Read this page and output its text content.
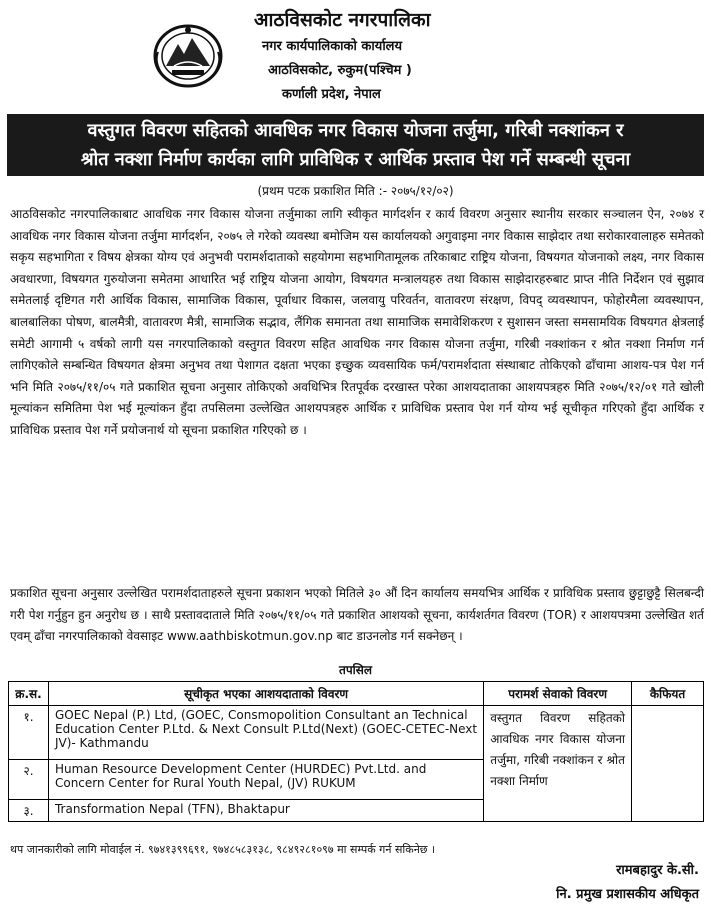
आठविसकोट नगरपालिका
नगर कार्यपालिकाको कार्यालय
आठविसकोट, रुकुम(पश्चिम )
कर्णाली प्रदेश, नेपाल
वस्तुगत विवरण सहितको आवधिक नगर विकास योजना तर्जुमा, गरिबी नक्शांकन र
श्रोत नक्शा निर्माण कार्यका लागि प्राविधिक र आर्थिक प्रस्ताव पेश गर्ने सम्बन्धी सूचना
(प्रथम पटक प्रकाशित मिति :- २०७५/१२/०२)
आठविसकोट नगरपालिकाबाट आवधिक नगर विकास योजना तर्जुमाका लागि स्वीकृत मार्गदर्शन र कार्य विवरण अनुसार स्थानीय सरकार सञ्चालन ऐन, २०७४ र आवधिक नगर विकास योजना तर्जुमा मार्गदर्शन, २०७५ ले गरेको व्यवस्था बमोजिम यस कार्यालयको अगुवाइमा नगर विकास साझेदार तथा सरोकारवालाहरु समेतको सकृय सहभागिता र विषय क्षेत्रका योग्य एवं अनुभवी परामर्शदाताको सहयोगमा सहभागितामूलक तरिकाबाट राष्ट्रिय योजना, विषयगत योजनाको लक्ष्य, नगर विकास अवधारणा, विषयगत गुरुयोजना समेतमा आधारित भई राष्ट्रिय योजना आयोग, विषयगत मन्त्रालयहरु तथा विकास साझेदारहरुबाट प्राप्त नीति निर्देशन एवं सुझाव समेतलाई दृष्टिगत गरी आर्थिक विकास, सामाजिक विकास, पूर्वाधार विकास, जलवायु परिवर्तन, वातावरण संरक्षण, विपद् व्यवस्थापन, फोहोरमैला व्यवस्थापन, बालबालिका पोषण, बालमैत्री, वातावरण मैत्री, सामाजिक सद्भाव, लैंगिक समानता तथा सामाजिक समावेशिकरण र सुशासन जस्ता समसामयिक विषयगत क्षेत्रलाई समेटी आगामी ५ वर्षको लागी यस नगरपालिकाको वस्तुगत विवरण सहित आवधिक नगर विकास योजना तर्जुमा, गरिबी नक्शांकन र श्रोत नक्शा निर्माण गर्न लागिएकोले सम्बन्धित विषयगत क्षेत्रमा अनुभव तथा पेशागत दक्षता भएका इच्छुक व्यवसायिक फर्म/परामर्शदाता संस्थाबाट तोकिएको ढाँचामा आशय-पत्र पेश गर्न भनि मिति २०७५/११/०५ गते प्रकाशित सूचना अनुसार तोकिएको अवधिभित्र रितपूर्वक दरखास्त परेका आशयदाताका आशयपत्रहरु मिति २०७५/१२/०१ गते खोली मूल्यांकन समितिमा पेश भई मूल्यांकन हुँदा तपसिलमा उल्लेखित आशयपत्रहरु आर्थिक र प्राविधिक प्रस्ताव पेश गर्न योग्य भई सूचीकृत गरिएको हुँदा आर्थिक र प्राविधिक प्रस्ताव पेश गर्ने प्रयोजनार्थ यो सूचना प्रकाशित गरिएको छ ।
प्रकाशित सूचना अनुसार उल्लेखित परामर्शदाताहरुले सूचना प्रकाशन भएको मितिले ३० औं दिन कार्यालय समयभित्र आर्थिक र प्राविधिक प्रस्ताव छुट्टाछुट्टै सिलबन्दी गरी पेश गर्नुहुन हुन अनुरोध छ । साथै प्रस्तावदाताले मिति २०७५/११/०५ गते प्रकाशित आशयको सूचना, कार्यशर्तगत विवरण (TOR) र आशयपत्रमा उल्लेखित शर्त एवम् ढाँचा नगरपालिकाको वेवसाइट www.aathbiskotmun.gov.np बाट डाउनलोड गर्न सक्नेछन् ।
तपसिल
क्र.स.	सूचीकृत भएका आशयदाताको विवरण	परामर्श सेवाको विवरण	कैफियत
१.	GOEC Nepal (P.) Ltd, (GOEC, Consmopolition Consultant an Technical Education Center P.Ltd. & Next Consult P.Ltd(Next) (GOEC-CETEC-Next JV)- Kathmandu	वस्तुगत विवरण सहितको आवधिक नगर विकास योजना तर्जुमा, गरिबी नक्शांकन र श्रोत नक्शा निर्माण	
२.	Human Resource Development Center (HURDEC) Pvt.Ltd. and Concern Center for Rural Youth Nepal, (JV) RUKUM		
३.	Transformation Nepal (TFN), Bhaktapur		
थप जानकारीको लागि मोवाईल नं. ९७४१३९९६९१, ९७४८५८३१३८, ९८४९२८१०९७ मा सम्पर्क गर्न सकिनेछ ।
रामबहादुर के.सी.
नि. प्रमुख प्रशासकीय अधिकृत
